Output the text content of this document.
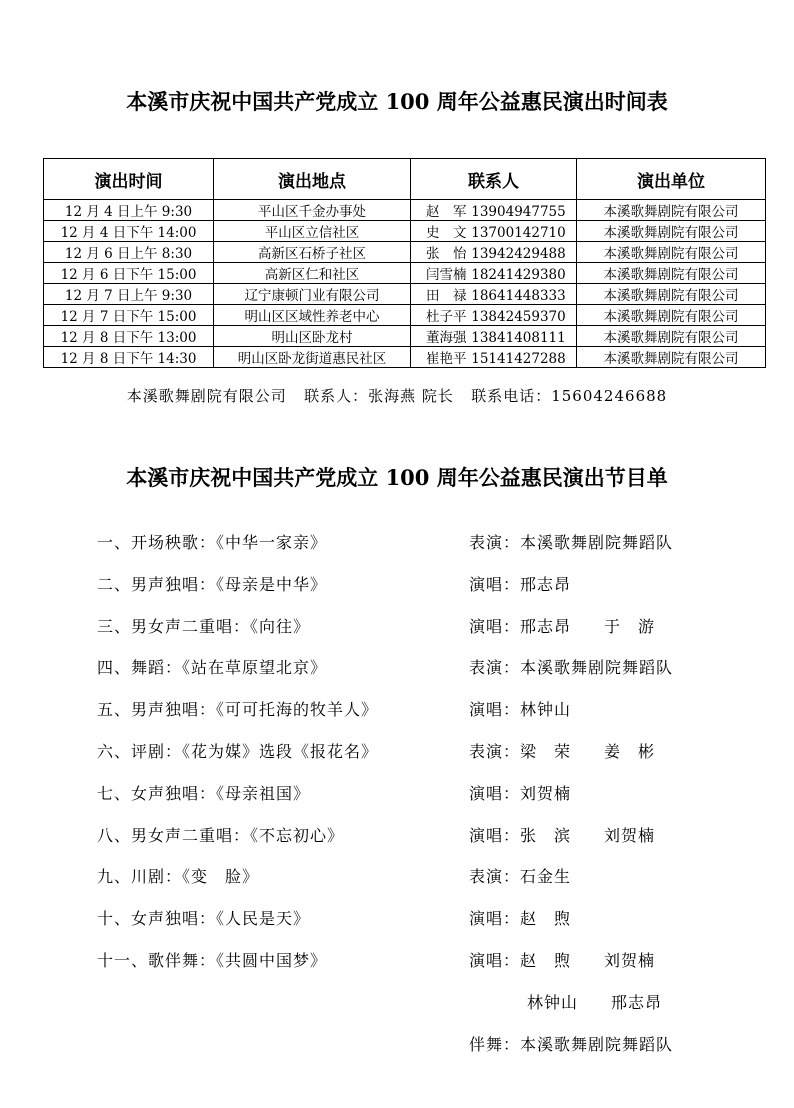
本溪市庆祝中国共产党成立 100 周年公益惠民演出时间表
演出时间	演出地点	联系人	演出单位
12 月 4 日上午 9:30	平山区千金办事处	赵　军 13904947755	本溪歌舞剧院有限公司
12 月 4 日下午 14:00	平山区立信社区	史　文 13700142710	本溪歌舞剧院有限公司
12 月 6 日上午 8:30	高新区石桥子社区	张　怡 13942429488	本溪歌舞剧院有限公司
12 月 6 日下午 15:00	高新区仁和社区	闫雪楠 18241429380	本溪歌舞剧院有限公司
12 月 7 日上午 9:30	辽宁康顿门业有限公司	田　禄 18641448333	本溪歌舞剧院有限公司
12 月 7 日下午 15:00	明山区区域性养老中心	杜子平 13842459370	本溪歌舞剧院有限公司
12 月 8 日下午 13:00	明山区卧龙村	董海强 13841408111	本溪歌舞剧院有限公司
12 月 8 日下午 14:30	明山区卧龙街道惠民社区	崔艳平 15141427288	本溪歌舞剧院有限公司
本溪歌舞剧院有限公司 联系人：张海燕 院长 联系电话：15604246688
本溪市庆祝中国共产党成立 100 周年公益惠民演出节目单
一、开场秧歌：《中华一家亲》	表演：本溪歌舞剧院舞蹈队
二、男声独唱：《母亲是中华》	演唱：邢志昂
三、男女声二重唱：《向往》	演唱：邢志昂 于　游
四、舞蹈：《站在草原望北京》	表演：本溪歌舞剧院舞蹈队
五、男声独唱：《可可托海的牧羊人》	演唱：林钟山
六、评剧：《花为媒》选段《报花名》	表演：梁　荣 姜　彬
七、女声独唱：《母亲祖国》	演唱：刘贺楠
八、男女声二重唱：《不忘初心》	演唱：张　滨 刘贺楠
九、川剧：《变　脸》	表演：石金生
十、女声独唱：《人民是天》	演唱：赵　煦
十一、歌伴舞：《共圆中国梦》	演唱：赵　煦 刘贺楠
林钟山 邢志昂
伴舞：本溪歌舞剧院舞蹈队
